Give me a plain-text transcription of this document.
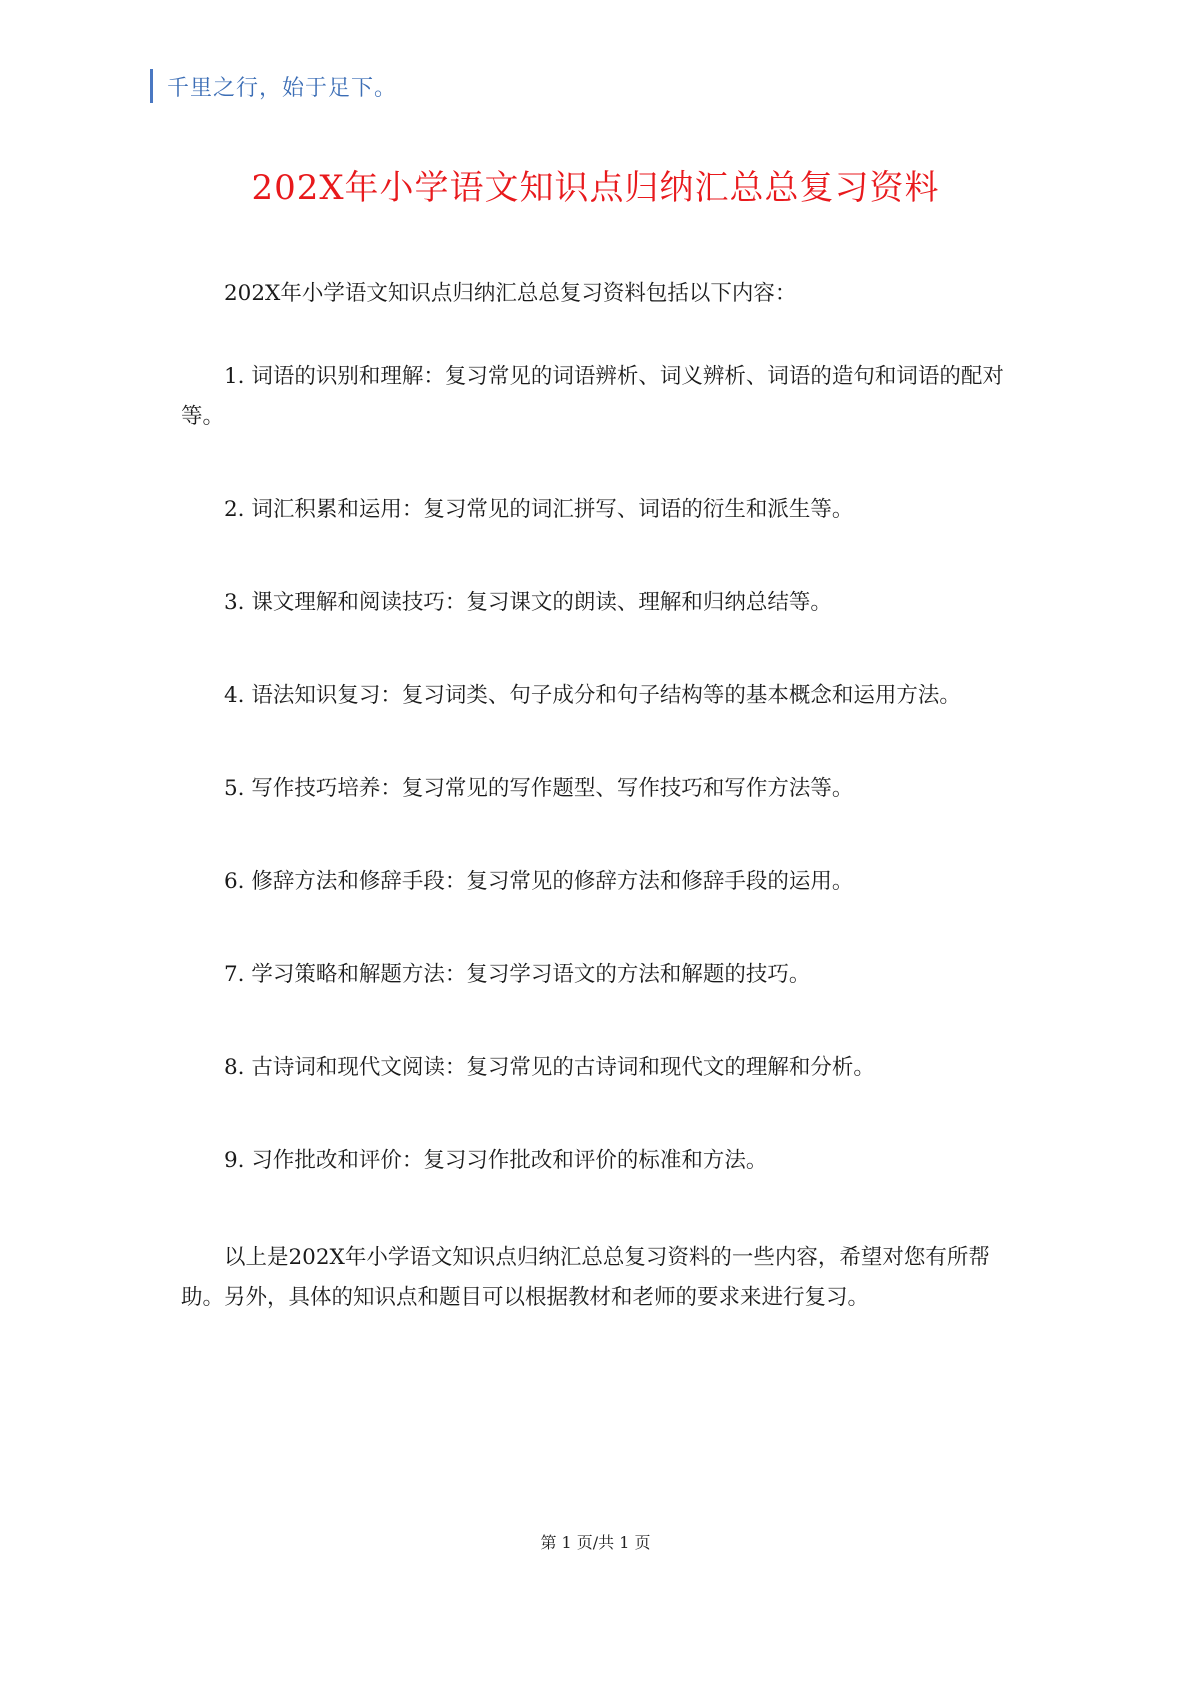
千里之行，始于足下。
202X年小学语文知识点归纳汇总总复习资料

202X年小学语文知识点归纳汇总总复习资料包括以下内容：

1. 词语的识别和理解：复习常见的词语辨析、词义辨析、词语的造句和词语的配对等。

2. 词汇积累和运用：复习常见的词汇拼写、词语的衍生和派生等。

3. 课文理解和阅读技巧：复习课文的朗读、理解和归纳总结等。

4. 语法知识复习：复习词类、句子成分和句子结构等的基本概念和运用方法。

5. 写作技巧培养：复习常见的写作题型、写作技巧和写作方法等。

6. 修辞方法和修辞手段：复习常见的修辞方法和修辞手段的运用。

7. 学习策略和解题方法：复习学习语文的方法和解题的技巧。

8. 古诗词和现代文阅读：复习常见的古诗词和现代文的理解和分析。

9. 习作批改和评价：复习习作批改和评价的标准和方法。

以上是202X年小学语文知识点归纳汇总总复习资料的一些内容，希望对您有所帮助。另外，具体的知识点和题目可以根据教材和老师的要求来进行复习。

第 1 页/共 1 页
